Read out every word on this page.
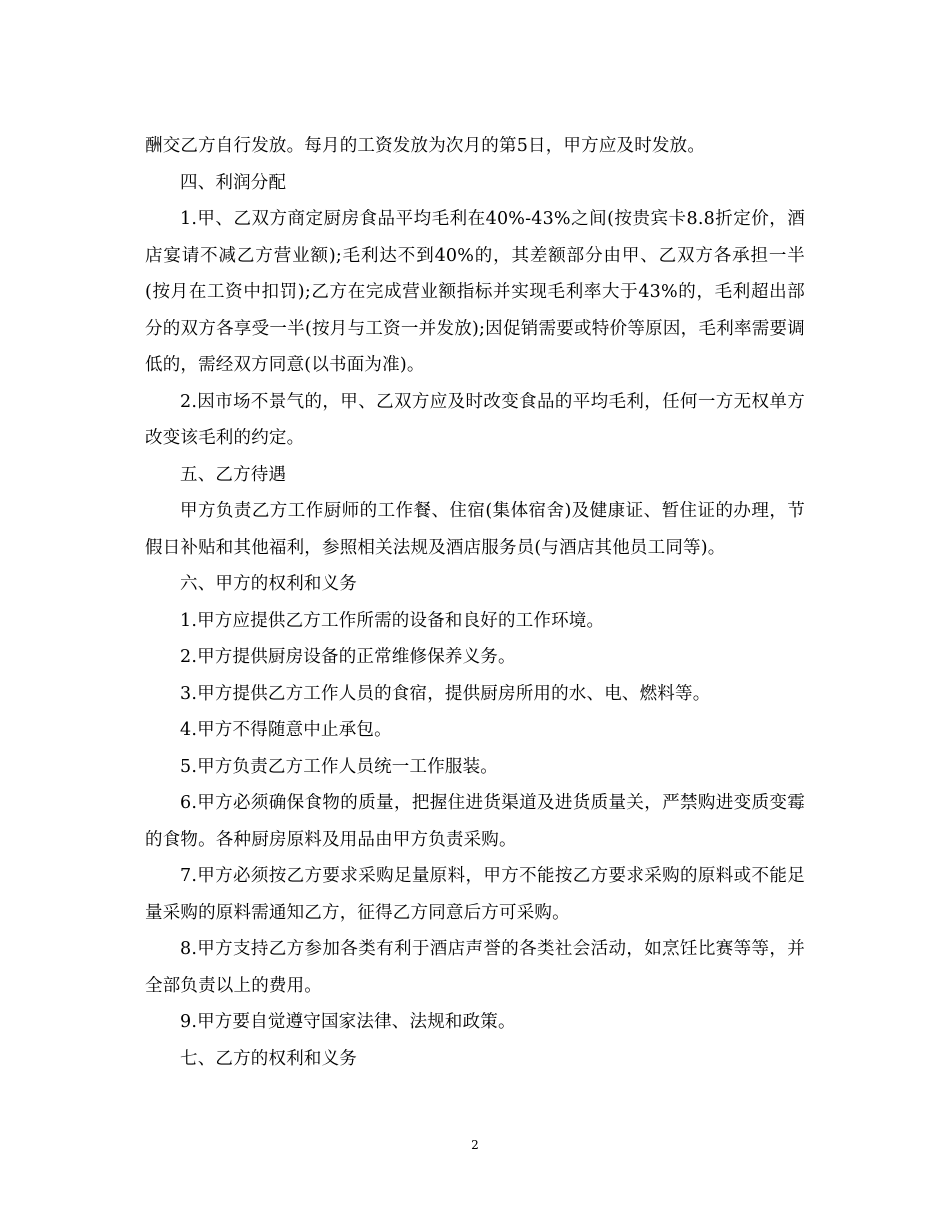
酬交乙方自行发放。每月的工资发放为次月的第5日，甲方应及时发放。

四、利润分配

1.甲、乙双方商定厨房食品平均毛利在40%-43%之间(按贵宾卡8.8折定价，酒店宴请不减乙方营业额);毛利达不到40%的，其差额部分由甲、乙双方各承担一半(按月在工资中扣罚);乙方在完成营业额指标并实现毛利率大于43%的，毛利超出部分的双方各享受一半(按月与工资一并发放);因促销需要或特价等原因，毛利率需要调低的，需经双方同意(以书面为准)。

2.因市场不景气的，甲、乙双方应及时改变食品的平均毛利，任何一方无权单方改变该毛利的约定。

五、乙方待遇

甲方负责乙方工作厨师的工作餐、住宿(集体宿舍)及健康证、暂住证的办理，节假日补贴和其他福利，参照相关法规及酒店服务员(与酒店其他员工同等)。

六、甲方的权利和义务

1.甲方应提供乙方工作所需的设备和良好的工作环境。

2.甲方提供厨房设备的正常维修保养义务。

3.甲方提供乙方工作人员的食宿，提供厨房所用的水、电、燃料等。

4.甲方不得随意中止承包。

5.甲方负责乙方工作人员统一工作服装。

6.甲方必须确保食物的质量，把握住进货渠道及进货质量关，严禁购进变质变霉的食物。各种厨房原料及用品由甲方负责采购。

7.甲方必须按乙方要求采购足量原料，甲方不能按乙方要求采购的原料或不能足量采购的原料需通知乙方，征得乙方同意后方可采购。

8.甲方支持乙方参加各类有利于酒店声誉的各类社会活动，如烹饪比赛等等，并全部负责以上的费用。

9.甲方要自觉遵守国家法律、法规和政策。

七、乙方的权利和义务

2
